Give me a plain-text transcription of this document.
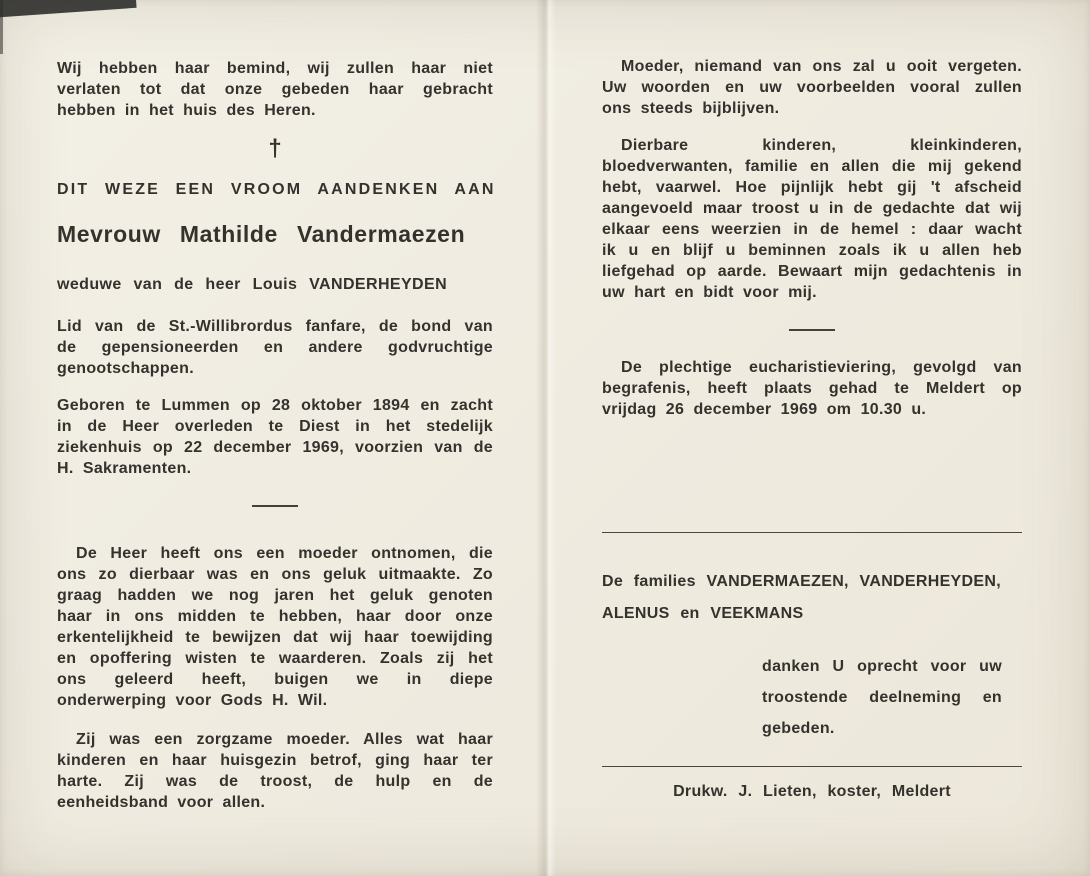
Wij hebben haar bemind, wij zullen haar niet verlaten tot dat onze gebeden haar gebracht hebben in het huis des Heren.

†

DIT WEZE EEN VROOM AANDENKEN AAN

Mevrouw Mathilde Vandermaezen

weduwe van de heer Louis VANDERHEYDEN

Lid van de St.-Willibrordus fanfare, de bond van de gepensioneerden en andere godvruchtige genootschappen.

Geboren te Lummen op 28 oktober 1894 en zacht in de Heer overleden te Diest in het stedelijk ziekenhuis op 22 december 1969, voorzien van de H. Sakramenten.

De Heer heeft ons een moeder ontnomen, die ons zo dierbaar was en ons geluk uitmaakte. Zo graag hadden we nog jaren het geluk genoten haar in ons midden te hebben, haar door onze erkentelijkheid te bewijzen dat wij haar toewijding en opoffering wisten te waarderen. Zoals zij het ons geleerd heeft, buigen we in diepe onderwerping voor Gods H. Wil.

Zij was een zorgzame moeder. Alles wat haar kinderen en haar huisgezin betrof, ging haar ter harte. Zij was de troost, de hulp en de eenheidsband voor allen.

Moeder, niemand van ons zal u ooit vergeten. Uw woorden en uw voorbeelden vooral zullen ons steeds bijblijven.

Dierbare kinderen, kleinkinderen, bloedverwanten, familie en allen die mij gekend hebt, vaarwel. Hoe pijnlijk hebt gij 't afscheid aangevoeld maar troost u in de gedachte dat wij elkaar eens weerzien in de hemel : daar wacht ik u en blijf u beminnen zoals ik u allen heb liefgehad op aarde. Bewaart mijn gedachtenis in uw hart en bidt voor mij.

De plechtige eucharistieviering, gevolgd van begrafenis, heeft plaats gehad te Meldert op vrijdag 26 december 1969 om 10.30 u.

De families VANDERMAEZEN, VANDERHEYDEN,

ALENUS en VEEKMANS

danken U oprecht voor uw troostende deelneming en gebeden.

Drukw. J. Lieten, koster, Meldert
